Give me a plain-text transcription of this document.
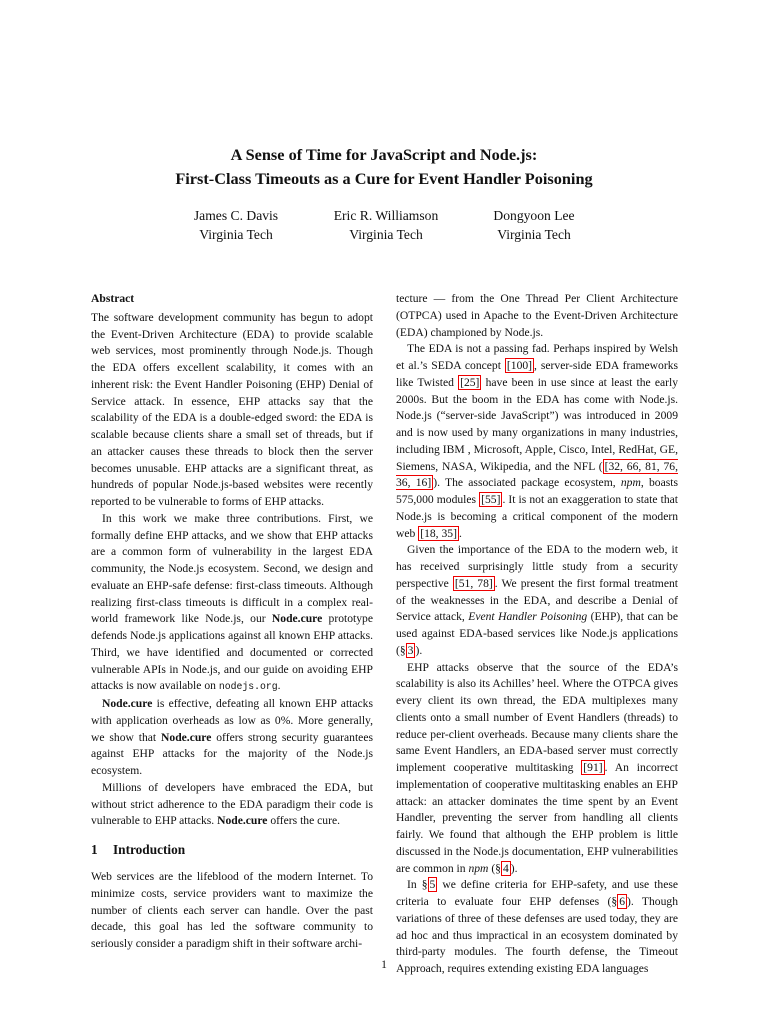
A Sense of Time for JavaScript and Node.js:
First-Class Timeouts as a Cure for Event Handler Poisoning
James C. Davis
Virginia Tech
Eric R. Williamson
Virginia Tech
Dongyoon Lee
Virginia Tech
Abstract

The software development community has begun to adopt the Event-Driven Architecture (EDA) to provide scalable web services, most prominently through Node.js. Though the EDA offers excellent scalability, it comes with an inherent risk: the Event Handler Poisoning (EHP) Denial of Service attack. In essence, EHP attacks say that the scalability of the EDA is a double-edged sword: the EDA is scalable because clients share a small set of threads, but if an attacker causes these threads to block then the server becomes unusable. EHP attacks are a significant threat, as hundreds of popular Node.js-based websites were recently reported to be vulnerable to forms of EHP attacks.

In this work we make three contributions. First, we formally define EHP attacks, and we show that EHP attacks are a common form of vulnerability in the largest EDA community, the Node.js ecosystem. Second, we design and evaluate an EHP-safe defense: first-class timeouts. Although realizing first-class timeouts is difficult in a complex real-world framework like Node.js, our Node.cure prototype defends Node.js applications against all known EHP attacks. Third, we have identified and documented or corrected vulnerable APIs in Node.js, and our guide on avoiding EHP attacks is now available on nodejs.org.

Node.cure is effective, defeating all known EHP attacks with application overheads as low as 0%. More generally, we show that Node.cure offers strong security guarantees against EHP attacks for the majority of the Node.js ecosystem.

Millions of developers have embraced the EDA, but without strict adherence to the EDA paradigm their code is vulnerable to EHP attacks. Node.cure offers the cure.

1 Introduction

Web services are the lifeblood of the modern Internet. To minimize costs, service providers want to maximize the number of clients each server can handle. Over the past decade, this goal has led the software community to seriously consider a paradigm shift in their software archi-

tecture — from the One Thread Per Client Architecture (OTPCA) used in Apache to the Event-Driven Architecture (EDA) championed by Node.js.

The EDA is not a passing fad. Perhaps inspired by Welsh et al.’s SEDA concept [100] , server-side EDA frameworks like Twisted [25] have been in use since at least the early 2000s. But the boom in the EDA has come with Node.js. Node.js (“server-side JavaScript”) was introduced in 2009 and is now used by many organizations in many industries, including IBM , Microsoft, Apple, Cisco, Intel, RedHat, GE, Siemens, NASA, Wikipedia, and the NFL ( [32, 66, 81, 76, 36, 16] ). The associated package ecosystem, npm, boasts 575,000 modules [55] . It is not an exaggeration to state that Node.js is becoming a critical component of the modern web [18, 35] .

Given the importance of the EDA to the modern web, it has received surprisingly little study from a security perspective [51, 78] . We present the first formal treatment of the weaknesses in the EDA, and describe a Denial of Service attack, Event Handler Poisoning (EHP), that can be used against EDA-based services like Node.js applications (§ 3 ).

EHP attacks observe that the source of the EDA’s scalability is also its Achilles’ heel. Where the OTPCA gives every client its own thread, the EDA multiplexes many clients onto a small number of Event Handlers (threads) to reduce per-client overheads. Because many clients share the same Event Handlers, an EDA-based server must correctly implement cooperative multitasking [91] . An incorrect implementation of cooperative multitasking enables an EHP attack: an attacker dominates the time spent by an Event Handler, preventing the server from handling all clients fairly. We found that although the EHP problem is little discussed in the Node.js documentation, EHP vulnerabilities are common in npm (§ 4 ).

In § 5 we define criteria for EHP-safety, and use these criteria to evaluate four EHP defenses (§ 6 ). Though variations of three of these defenses are used today, they are ad hoc and thus impractical in an ecosystem dominated by third-party modules. The fourth defense, the Timeout Approach, requires extending existing EDA languages

1
